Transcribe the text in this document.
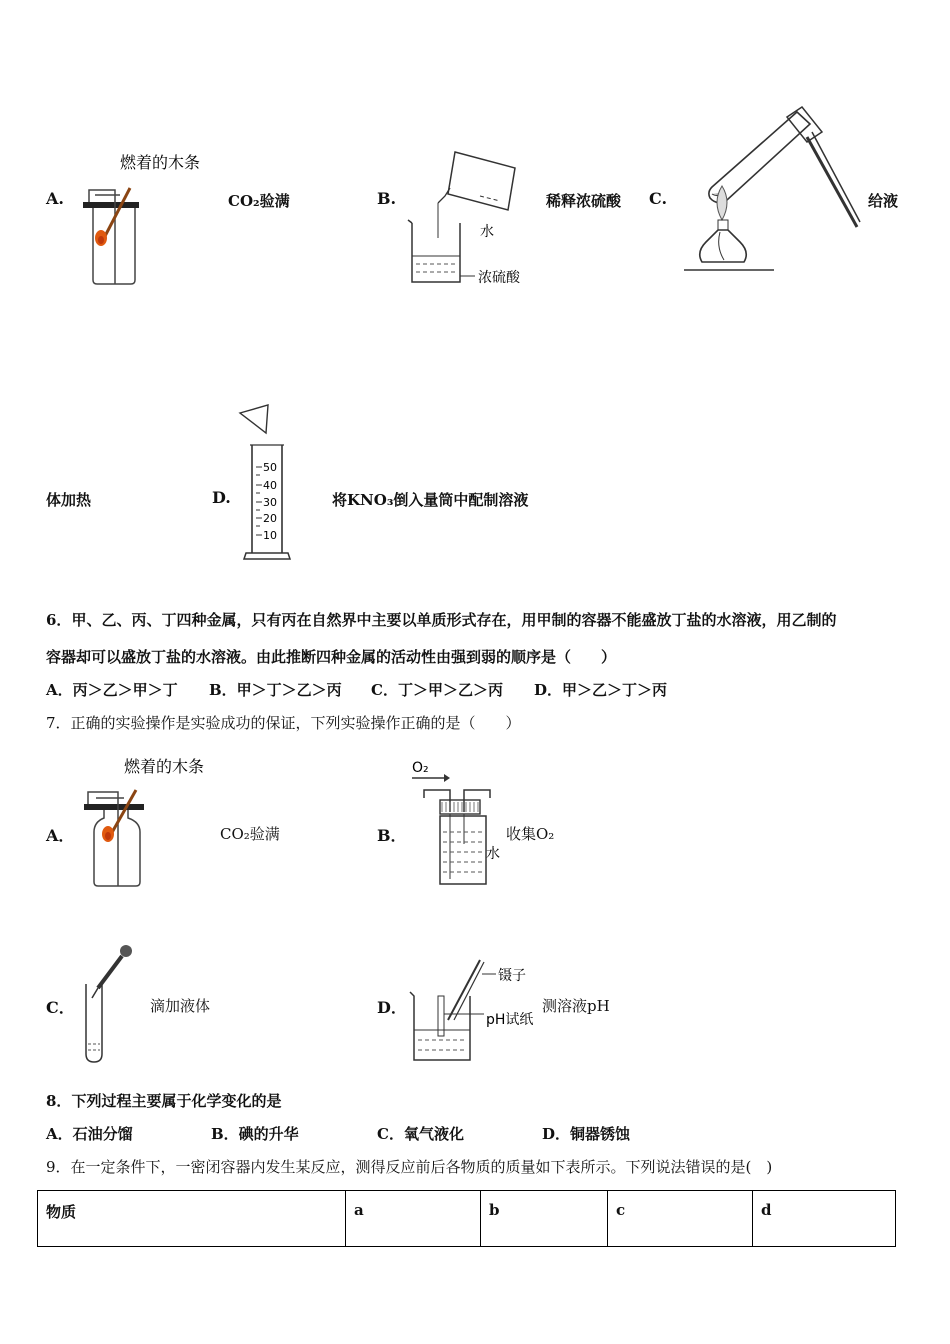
A.
燃着的木条
CO₂验满	B.
水
浓硫酸
稀释浓硫酸 C.	给液
体加热	D.
50
40
30
20
10
将KNO₃倒入量筒中配制溶液
6．甲、乙、丙、丁四种金属，只有丙在自然界中主要以单质形式存在，用甲制的容器不能盛放丁盐的水溶液，用乙制的
容器却可以盛放丁盐的水溶液。由此推断四种金属的活动性由强到弱的顺序是（　　）
A．丙＞乙＞甲＞丁 B．甲＞丁＞乙＞丙 C．丁＞甲＞乙＞丙 D．甲＞乙＞丁＞丙
7．正确的实验操作是实验成功的保证，下列实验操作正确的是（　　）
A．
燃着的木条
CO₂验满	B．
O₂
水
收集O₂
C．	滴加液体	D．
镊子
pH试纸
测溶液pH
8．下列过程主要属于化学变化的是
A．石油分馏	B．碘的升华	C．氧气液化	D．铜器锈蚀
9．在一定条件下，一密闭容器内发生某反应，测得反应前后各物质的质量如下表所示。下列说法错误的是(　)
物质	a	b	c	d
